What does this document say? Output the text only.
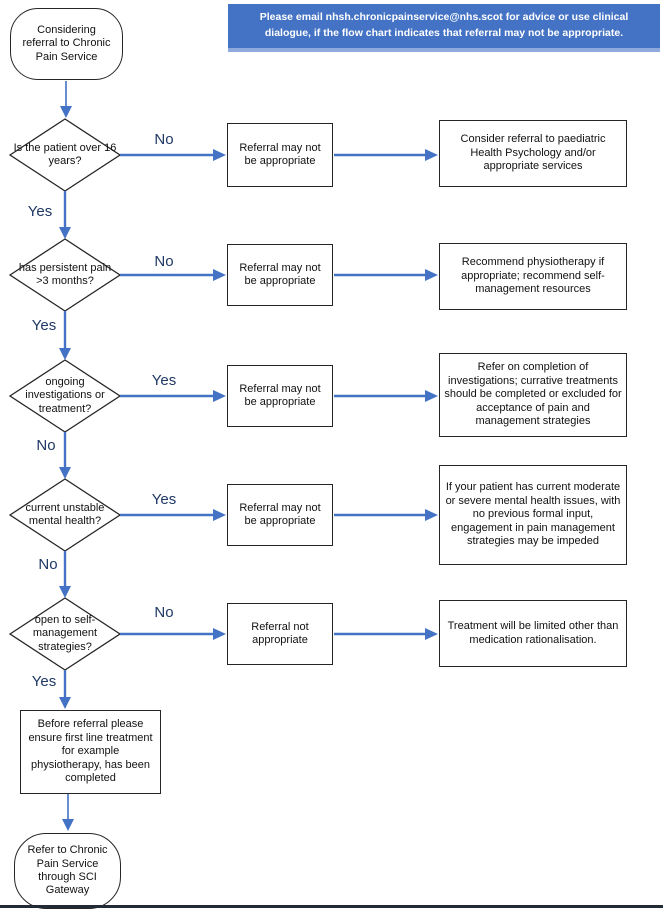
Please email nhsh.chronicpainservice@nhs.scot for advice or use clinical dialogue, if the flow chart indicates that referral may not be appropriate.
Considering referral to Chronic Pain Service
Is the patient over 16 years?
has persistent pain >3 months?
ongoing investigations or treatment?
current unstable mental health?
open to self-management strategies?
No
No
Yes
Yes
No
Yes
Yes
No
No
Yes
Referral may not be appropriate
Referral may not be appropriate
Referral may not be appropriate
Referral may not be appropriate
Referral not appropriate
Consider referral to paediatric Health Psychology and/or appropriate services
Recommend physiotherapy if appropriate; recommend self-management resources
Refer on completion of investigations; currative treatments should be completed or excluded for acceptance of pain and management strategies
If your patient has current moderate or severe mental health issues, with no previous formal input, engagement in pain management strategies may be impeded
Treatment will be limited other than medication rationalisation.
Before referral please ensure first line treatment for example physiotherapy, has been completed
Refer to Chronic Pain Service through SCI Gateway
